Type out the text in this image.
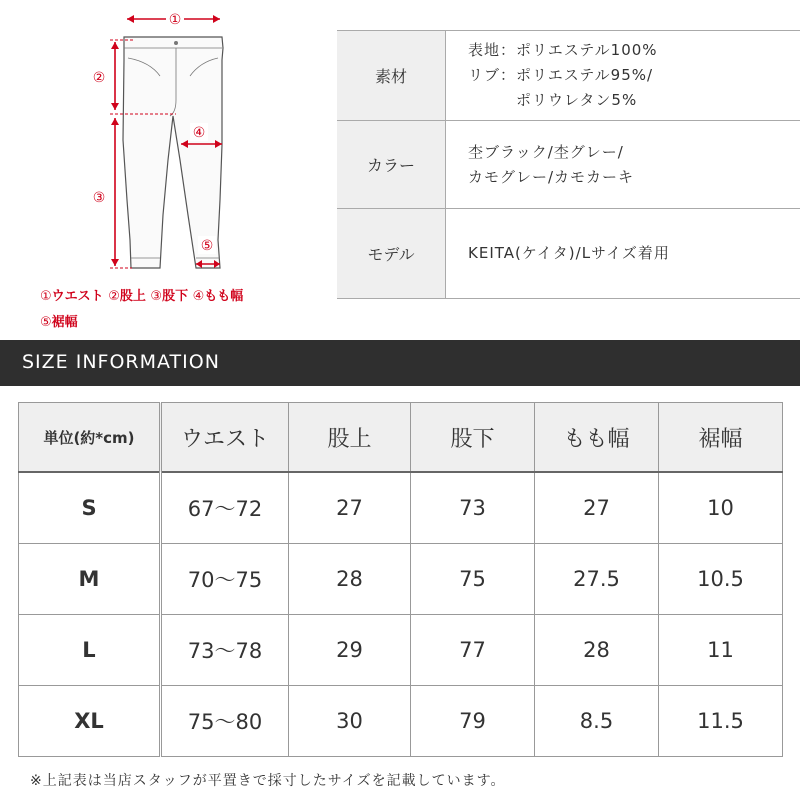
①
②
③
④
⑤
①ウエスト ②股上 ③股下 ④もも幅
⑤裾幅
素材	表地：ポリエステル100%
リブ：ポリエステル95%/
　　　ポリウレタン5%

カラー	杢ブラック/杢グレー/
カモグレー/カモカーキ

モデル	KEITA(ケイタ)/Lサイズ着用
SIZE INFORMATION
単位(約*cm)	ウエスト	股上	股下	もも幅	裾幅
S	67～72	27	73	27	10
M	70～75	28	75	27.5	10.5
L	73～78	29	77	28	11
XL	75～80	30	79	8.5	11.5
※上記表は当店スタッフが平置きで採寸したサイズを記載しています。
